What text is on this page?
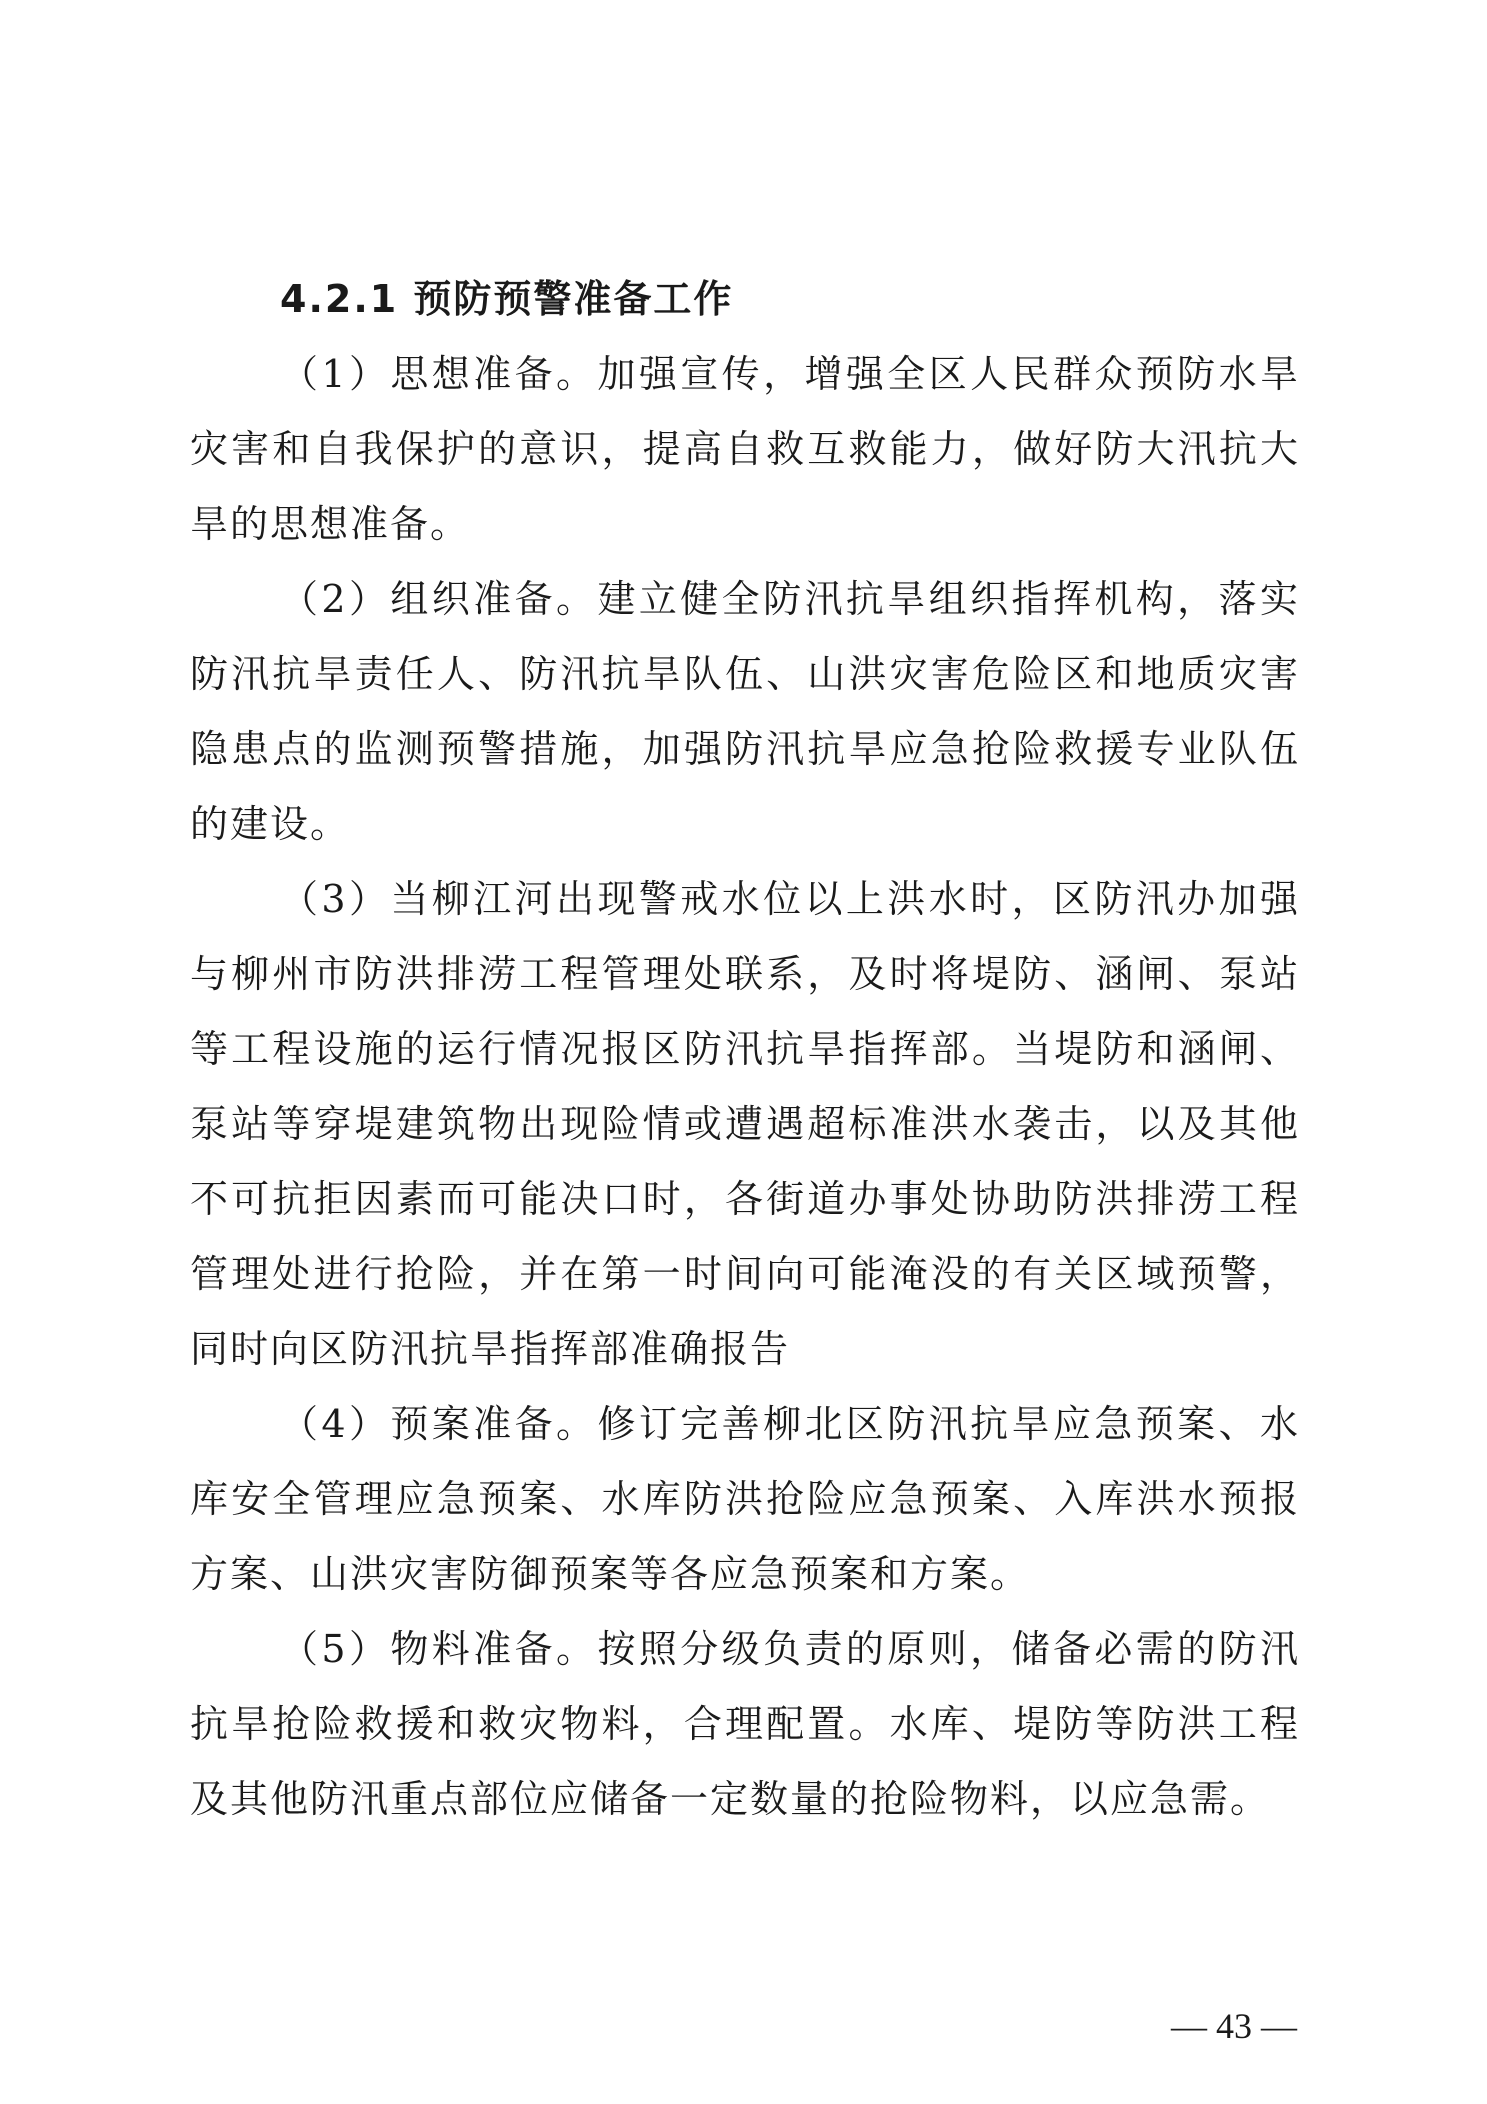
4.2.1 预防预警准备工作

（1）思想准备。加强宣传，增强全区人民群众预防水旱灾害和自我保护的意识，提高自救互救能力，做好防大汛抗大旱的思想准备。

（2）组织准备。建立健全防汛抗旱组织指挥机构，落实防汛抗旱责任人、防汛抗旱队伍、山洪灾害危险区和地质灾害隐患点的监测预警措施，加强防汛抗旱应急抢险救援专业队伍的建设。

（3）当柳江河出现警戒水位以上洪水时，区防汛办加强与柳州市防洪排涝工程管理处联系，及时将堤防、涵闸、泵站等工程设施的运行情况报区防汛抗旱指挥部。当堤防和涵闸、泵站等穿堤建筑物出现险情或遭遇超标准洪水袭击，以及其他不可抗拒因素而可能决口时，各街道办事处协助防洪排涝工程管理处进行抢险，并在第一时间向可能淹没的有关区域预警，同时向区防汛抗旱指挥部准确报告

（4）预案准备。修订完善柳北区防汛抗旱应急预案、水库安全管理应急预案、水库防洪抢险应急预案、入库洪水预报方案、山洪灾害防御预案等各应急预案和方案。

（5）物料准备。按照分级负责的原则，储备必需的防汛抗旱抢险救援和救灾物料，合理配置。水库、堤防等防洪工程及其他防汛重点部位应储备一定数量的抢险物料，以应急需。

— 43 —
